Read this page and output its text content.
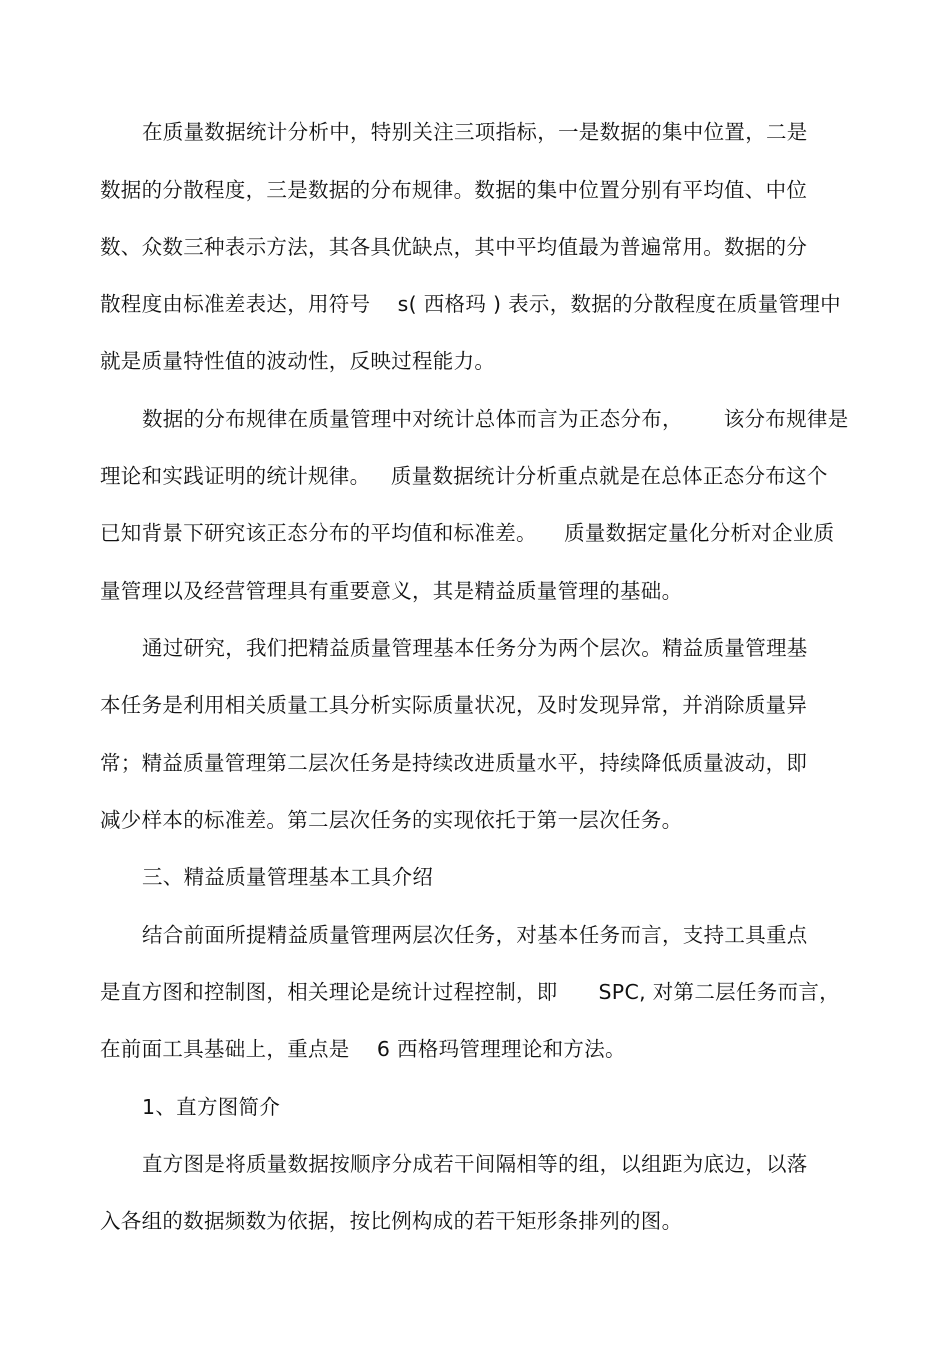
在质量数据统计分析中，特别关注三项指标，一是数据的集中位置，二是
数据的分散程度，三是数据的分布规律。数据的集中位置分别有平均值、中位
数、众数三种表示方法，其各具优缺点，其中平均值最为普遍常用。数据的分
散程度由标准差表达，用符号    s( 西格玛 ) 表示，数据的分散程度在质量管理中
就是质量特性值的波动性，反映过程能力。
数据的分布规律在质量管理中对统计总体而言为正态分布，      该分布规律是
理论和实践证明的统计规律。   质量数据统计分析重点就是在总体正态分布这个
已知背景下研究该正态分布的平均值和标准差。    质量数据定量化分析对企业质
量管理以及经营管理具有重要意义，其是精益质量管理的基础。
通过研究，我们把精益质量管理基本任务分为两个层次。精益质量管理基
本任务是利用相关质量工具分析实际质量状况，及时发现异常，并消除质量异
常；精益质量管理第二层次任务是持续改进质量水平，持续降低质量波动，即
减少样本的标准差。第二层次任务的实现依托于第一层次任务。
三、精益质量管理基本工具介绍
结合前面所提精益质量管理两层次任务，对基本任务而言，支持工具重点
是直方图和控制图，相关理论是统计过程控制，即      SPC, 对第二层任务而言，
在前面工具基础上，重点是    6 西格玛管理理论和方法。
1、直方图简介
直方图是将质量数据按顺序分成若干间隔相等的组，以组距为底边，以落
入各组的数据频数为依据，按比例构成的若干矩形条排列的图。
